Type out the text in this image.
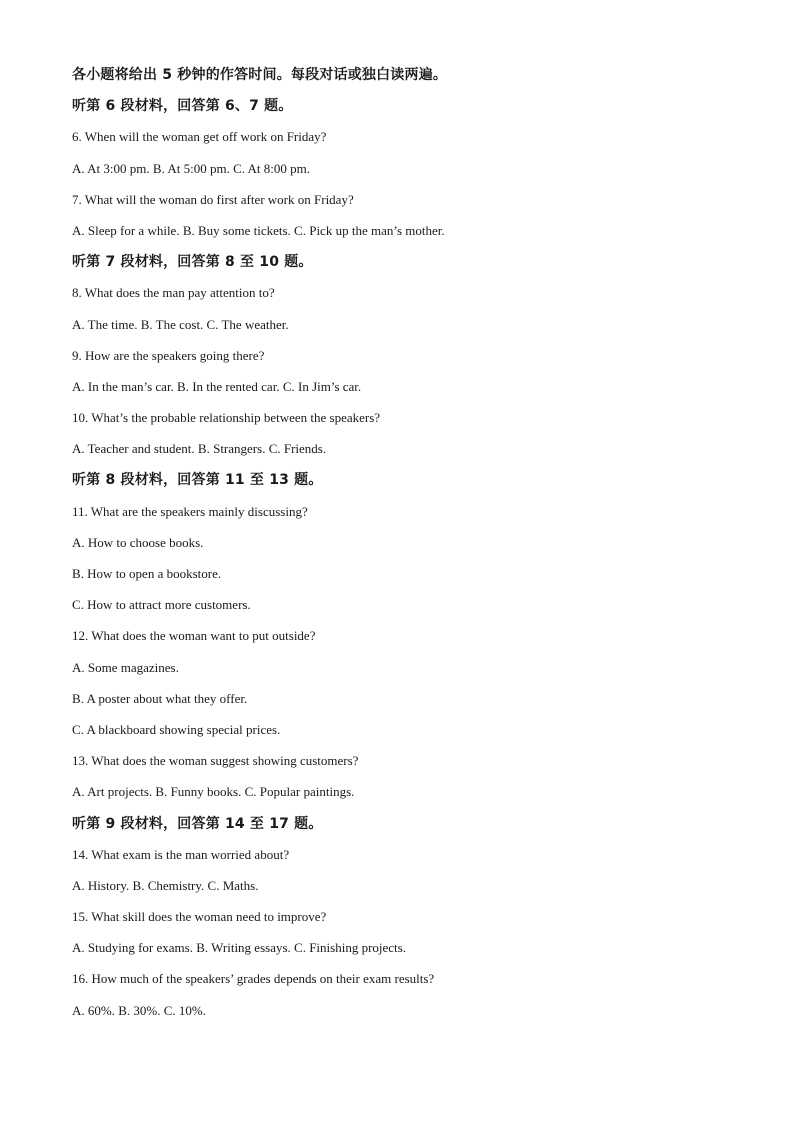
各小题将给出 5 秒钟的作答时间。每段对话或独白读两遍。
听第 6 段材料，回答第 6、7 题。
6. When will the woman get off work on Friday?
A. At 3:00 pm. B. At 5:00 pm. C. At 8:00 pm.
7. What will the woman do first after work on Friday?
A. Sleep for a while. B. Buy some tickets. C. Pick up the man’s mother.
听第 7 段材料，回答第 8 至 10 题。
8. What does the man pay attention to?
A. The time. B. The cost. C. The weather.
9. How are the speakers going there?
A. In the man’s car. B. In the rented car. C. In Jim’s car.
10. What’s the probable relationship between the speakers?
A. Teacher and student. B. Strangers. C. Friends.
听第 8 段材料，回答第 11 至 13 题。
11. What are the speakers mainly discussing?
A. How to choose books.
B. How to open a bookstore.
C. How to attract more customers.
12. What does the woman want to put outside?
A. Some magazines.
B. A poster about what they offer.
C. A blackboard showing special prices.
13. What does the woman suggest showing customers?
A. Art projects. B. Funny books. C. Popular paintings.
听第 9 段材料，回答第 14 至 17 题。
14. What exam is the man worried about?
A. History. B. Chemistry. C. Maths.
15. What skill does the woman need to improve?
A. Studying for exams. B. Writing essays. C. Finishing projects.
16. How much of the speakers’ grades depends on their exam results?
A. 60%. B. 30%. C. 10%.
